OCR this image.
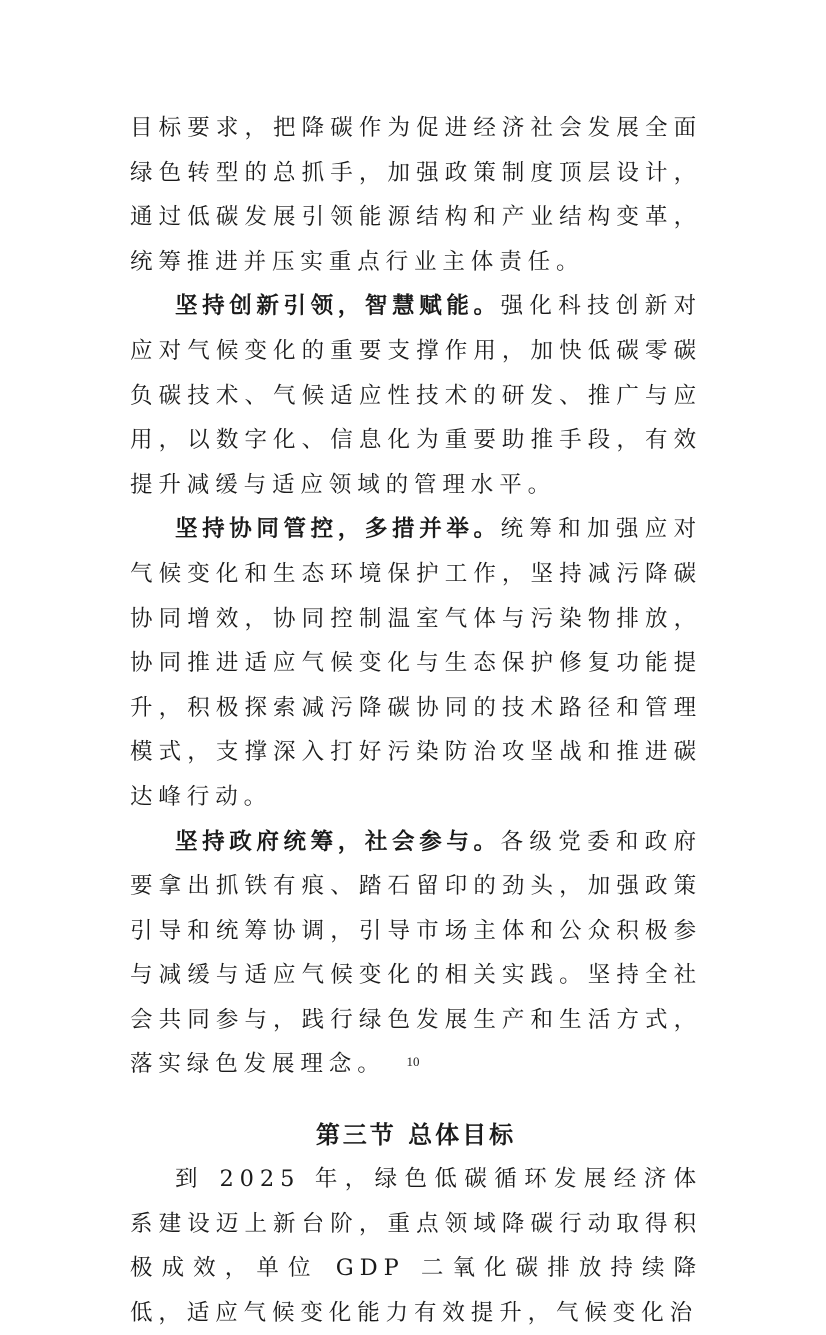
目标要求，把降碳作为促进经济社会发展全面绿色转型的总抓手，加强政策制度顶层设计，通过低碳发展引领能源结构和产业结构变革，统筹推进并压实重点行业主体责任。

坚持创新引领，智慧赋能。强化科技创新对应对气候变化的重要支撑作用，加快低碳零碳负碳技术、气候适应性技术的研发、推广与应用，以数字化、信息化为重要助推手段，有效提升减缓与适应领域的管理水平。

坚持协同管控，多措并举。统筹和加强应对气候变化和生态环境保护工作，坚持减污降碳协同增效，协同控制温室气体与污染物排放，协同推进适应气候变化与生态保护修复功能提升，积极探索减污降碳协同的技术路径和管理模式，支撑深入打好污染防治攻坚战和推进碳达峰行动。

坚持政府统筹，社会参与。各级党委和政府要拿出抓铁有痕、踏石留印的劲头，加强政策引导和统筹协调，引导市场主体和公众积极参与减缓与适应气候变化的相关实践。坚持全社会共同参与，践行绿色发展生产和生活方式，落实绿色发展理念。

第三节 总体目标

到 2025 年，绿色低碳循环发展经济体系建设迈上新台阶，重点领域降碳行动取得积极成效，单位 GDP 二氧化碳排放持续降低，适应气候变化能力有效提升，气候变化治

10
